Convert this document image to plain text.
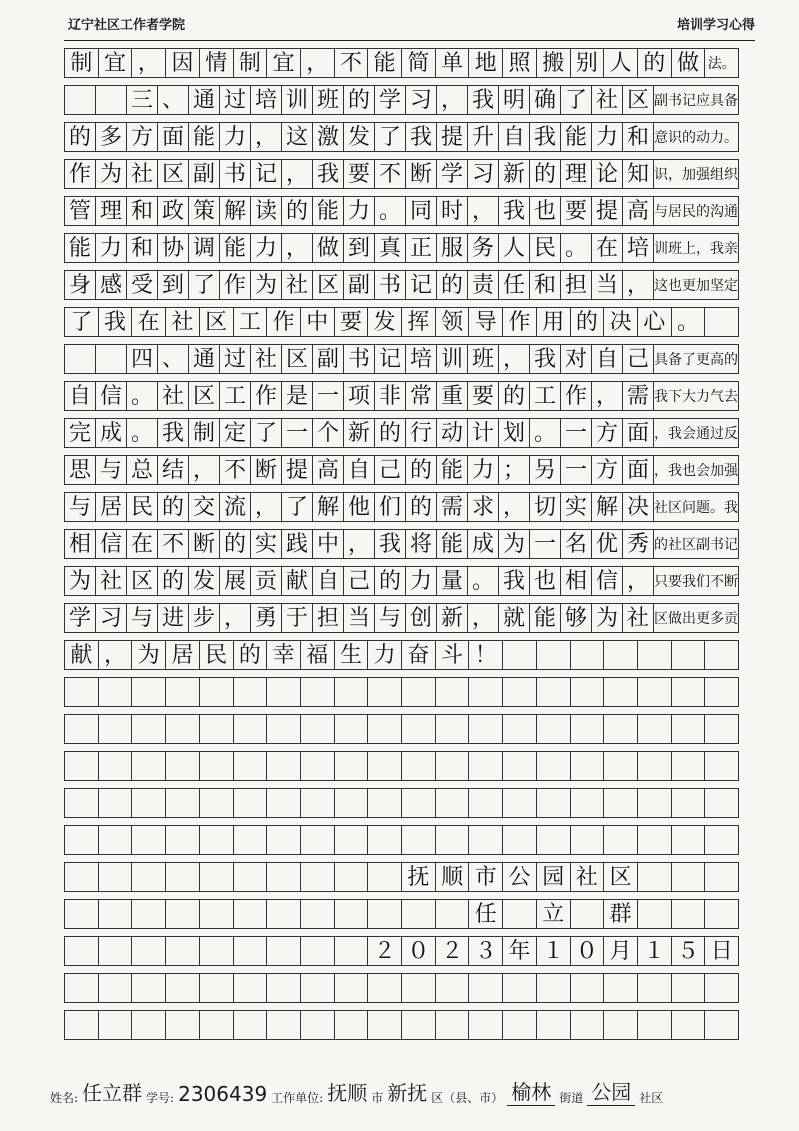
辽宁社区工作者学院	培训学习心得
制 宜 ， 因 情 制 宜 ， 不 能 简 单 地 照 搬 别 人 的 做 法。
三 、 通 过 培 训 班 的 学 习 ， 我 明 确 了 社 区 副书记应具备
的 多 方 面 能 力 ， 这 激 发 了 我 提 升 自 我 能 力 和 意识的动力。
作 为 社 区 副 书 记 ， 我 要 不 断 学 习 新 的 理 论 知 识，加强组织
管 理 和 政 策 解 读 的 能 力 。 同 时 ， 我 也 要 提 高 与居民的沟通
能 力 和 协 调 能 力 ， 做 到 真 正 服 务 人 民 。 在 培 训班上，我亲
身 感 受 到 了 作 为 社 区 副 书 记 的 责 任 和 担 当 ， 这也更加坚定
了 我 在 社 区 工 作 中 要 发 挥 领 导 作 用 的 决 心 。
四 、 通 过 社 区 副 书 记 培 训 班 ， 我 对 自 己 具备了更高的
自 信 。 社 区 工 作 是 一 项 非 常 重 要 的 工 作 ， 需 我下大力气去
完 成 。 我 制 定 了 一 个 新 的 行 动 计 划 。 一 方 面 ，我会通过反
思 与 总 结 ， 不 断 提 高 自 己 的 能 力 ； 另 一 方 面 ，我也会加强
与 居 民 的 交 流 ， 了 解 他 们 的 需 求 ， 切 实 解 决 社区问题。我
相 信 在 不 断 的 实 践 中 ， 我 将 能 成 为 一 名 优 秀 的社区副书记
为 社 区 的 发 展 贡 献 自 己 的 力 量 。 我 也 相 信 ， 只要我们不断
学 习 与 进 步 ， 勇 于 担 当 与 创 新 ， 就 能 够 为 社 区做出更多贡
献 ， 为 居 民 的 幸 福 生 力 奋 斗 ！
抚 顺 市 公 园 社 区
任 立 群
２ ０ ２ ３ 年 １ ０ 月 １ ５ 日
姓名: 任立群 学号: 2306439 工作单位: 抚顺 市 新抚 区（县、市） 榆林 街道 公园 社区
